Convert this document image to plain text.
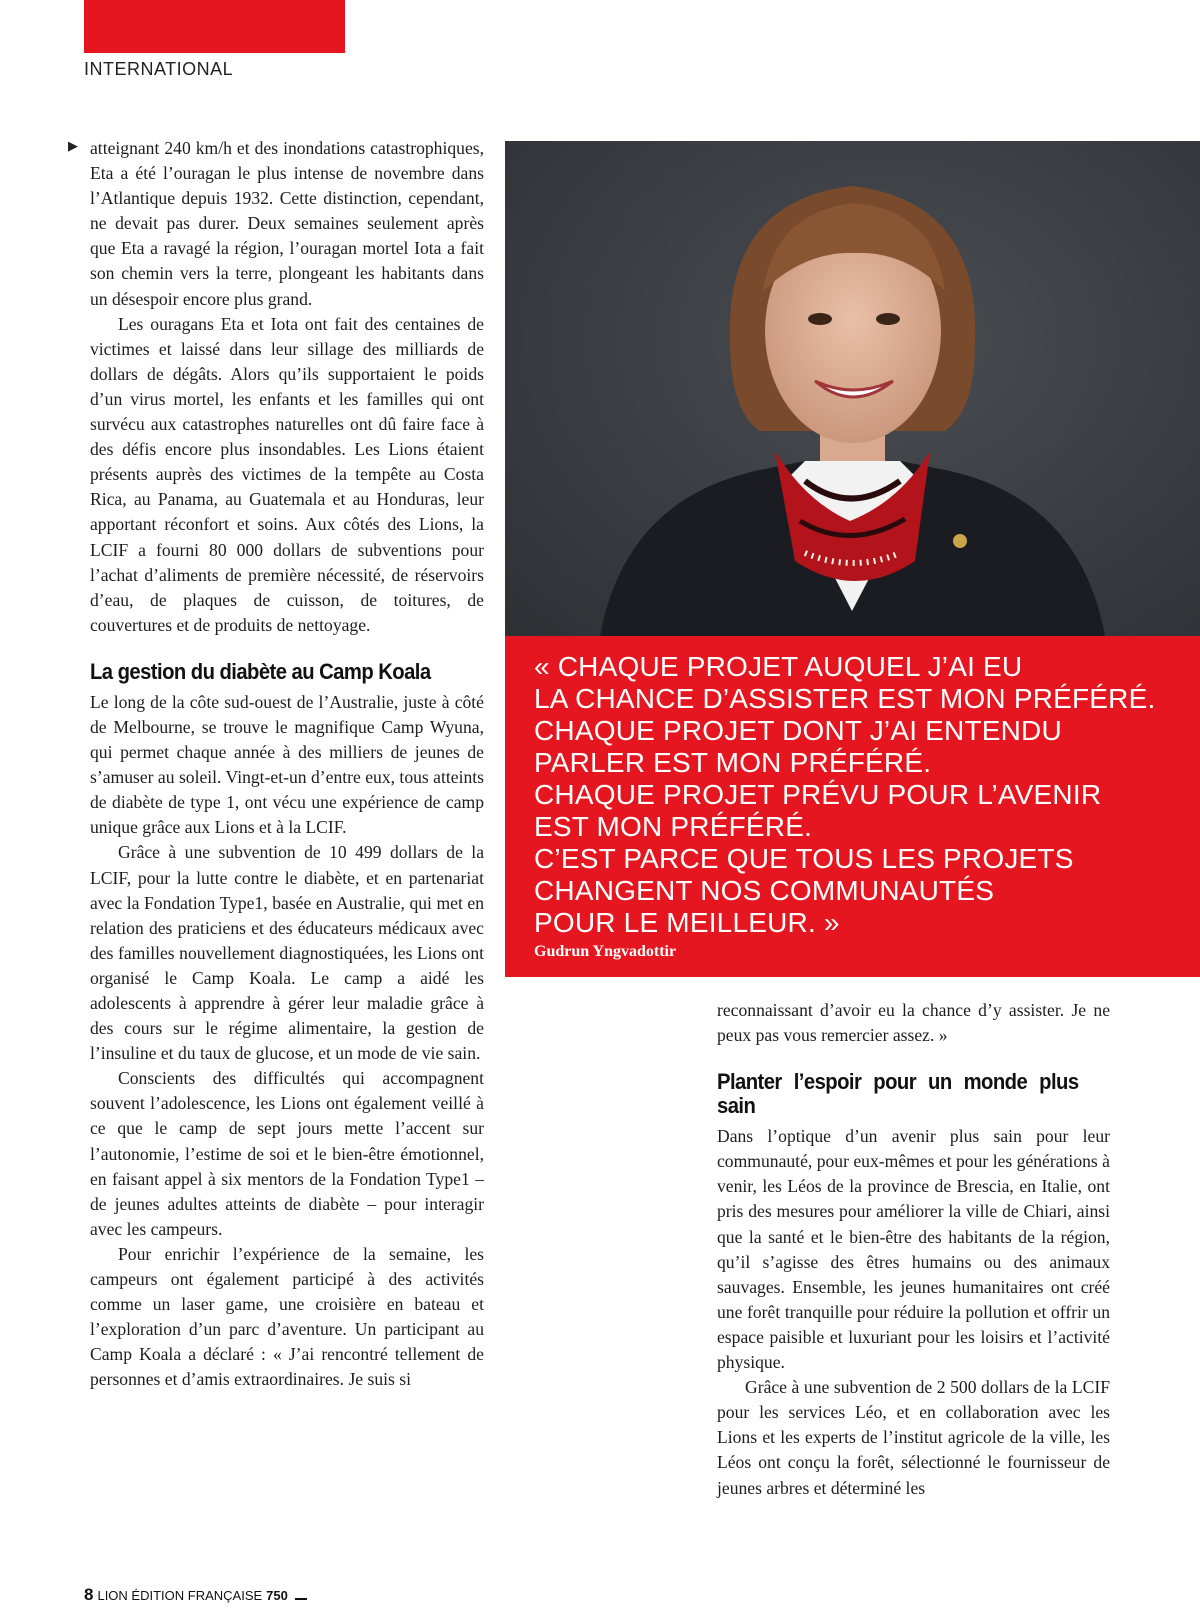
INTERNATIONAL
▶ atteignant 240 km/h et des inondations catastrophiques, Eta a été l’ouragan le plus intense de novembre dans l’Atlantique depuis 1932. Cette distinction, cependant, ne devait pas durer. Deux semaines seulement après que Eta a ravagé la région, l’ouragan mortel Iota a fait son chemin vers la terre, plongeant les habitants dans un désespoir encore plus grand.

Les ouragans Eta et Iota ont fait des centaines de victimes et laissé dans leur sillage des milliards de dollars de dégâts. Alors qu’ils supportaient le poids d’un virus mortel, les enfants et les familles qui ont survécu aux catastrophes naturelles ont dû faire face à des défis encore plus insondables. Les Lions étaient présents auprès des victimes de la tempête au Costa Rica, au Panama, au Guatemala et au Honduras, leur apportant réconfort et soins. Aux côtés des Lions, la LCIF a fourni 80 000 dollars de subventions pour l’achat d’aliments de première nécessité, de réservoirs d’eau, de plaques de cuisson, de toitures, de couvertures et de produits de nettoyage.

La gestion du diabète au Camp Koala

Le long de la côte sud-ouest de l’Australie, juste à côté de Melbourne, se trouve le magnifique Camp Wyuna, qui permet chaque année à des milliers de jeunes de s’amuser au soleil. Vingt-et-un d’entre eux, tous atteints de diabète de type 1, ont vécu une expérience de camp unique grâce aux Lions et à la LCIF.

Grâce à une subvention de 10 499 dollars de la LCIF, pour la lutte contre le diabète, et en partenariat avec la Fondation Type1, basée en Australie, qui met en relation des praticiens et des éducateurs médicaux avec des familles nouvellement diagnostiquées, les Lions ont organisé le Camp Koala. Le camp a aidé les adolescents à apprendre à gérer leur maladie grâce à des cours sur le régime alimentaire, la gestion de l’insuline et du taux de glucose, et un mode de vie sain.

Conscients des difficultés qui accompagnent souvent l’adolescence, les Lions ont également veillé à ce que le camp de sept jours mette l’accent sur l’autonomie, l’estime de soi et le bien-être émotionnel, en faisant appel à six mentors de la Fondation Type1 – de jeunes adultes atteints de diabète – pour interagir avec les campeurs.

Pour enrichir l’expérience de la semaine, les campeurs ont également participé à des activités comme un laser game, une croisière en bateau et l’exploration d’un parc d’aventure. Un participant au Camp Koala a déclaré : « J’ai rencontré tellement de personnes et d’amis extraordinaires. Je suis si

« CHAQUE PROJET AUQUEL J’AI EU
LA CHANCE D’ASSISTER EST MON PRÉFÉRÉ.
CHAQUE PROJET DONT J’AI ENTENDU
PARLER EST MON PRÉFÉRÉ.
CHAQUE PROJET PRÉVU POUR L’AVENIR
EST MON PRÉFÉRÉ.
C’EST PARCE QUE TOUS LES PROJETS
CHANGENT NOS COMMUNAUTÉS
POUR LE MEILLEUR. »
Gudrun Yngvadottir

reconnaissant d’avoir eu la chance d’y assister. Je ne peux pas vous remercier assez. »

Planter l’espoir pour un monde plus sain

Dans l’optique d’un avenir plus sain pour leur communauté, pour eux-mêmes et pour les générations à venir, les Léos de la province de Brescia, en Italie, ont pris des mesures pour améliorer la ville de Chiari, ainsi que la santé et le bien-être des habitants de la région, qu’il s’agisse des êtres humains ou des animaux sauvages. Ensemble, les jeunes humanitaires ont créé une forêt tranquille pour réduire la pollution et offrir un espace paisible et luxuriant pour les loisirs et l’activité physique.

Grâce à une subvention de 2 500 dollars de la LCIF pour les services Léo, et en collaboration avec les Lions et les experts de l’institut agricole de la ville, les Léos ont conçu la forêt, sélectionné le fournisseur de jeunes arbres et déterminé les

8 LION ÉDITION FRANÇAISE 750
